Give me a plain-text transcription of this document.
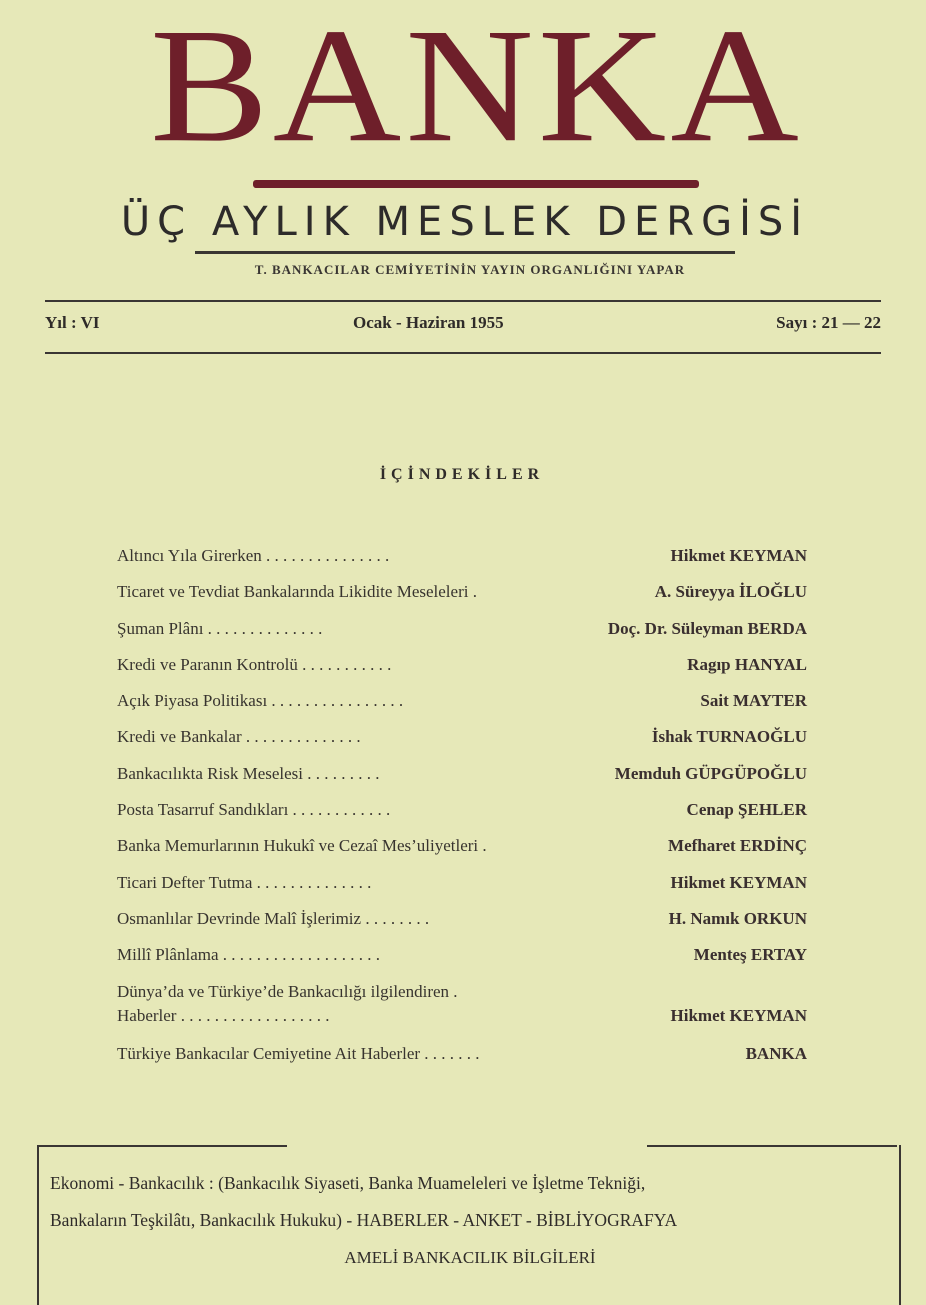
BANKA
ÜÇ AYLIK MESLEK DERGİSİ
T. BANKACILAR CEMİYETİNİN YAYIN ORGANLIĞINI YAPAR
Yıl : VI	Ocak - Haziran 1955	Sayı : 21 — 22
İÇİNDEKİLER
Altıncı Yıla Girerken . . . . . . . . . . . . . . .	Hikmet KEYMAN
Ticaret ve Tevdiat Bankalarında Likidite Meseleleri .	A. Süreyya İLOĞLU
Şuman Plânı . . . . . . . . . . . . . .	Doç. Dr. Süleyman BERDA
Kredi ve Paranın Kontrolü . . . . . . . . . . .	Ragıp HANYAL
Açık Piyasa Politikası . . . . . . . . . . . . . . . .	Sait MAYTER
Kredi ve Bankalar . . . . . . . . . . . . . .	İshak TURNAOĞLU
Bankacılıkta Risk Meselesi . . . . . . . . .	Memduh GÜPGÜPOĞLU
Posta Tasarruf Sandıkları . . . . . . . . . . . .	Cenap ŞEHLER
Banka Memurlarının Hukukî ve Cezaî Mes’uliyetleri .	Mefharet ERDİNÇ
Ticari Defter Tutma . . . . . . . . . . . . . .	Hikmet KEYMAN
Osmanlılar Devrinde Malî İşlerimiz . . . . . . . .	H. Namık ORKUN
Millî Plânlama . . . . . . . . . . . . . . . . . . .	Menteş ERTAY
Dünya’da ve Türkiye’de Bankacılığı ilgilendiren .
Haberler . . . . . . . . . . . . . . . . . .	Hikmet KEYMAN
Türkiye Bankacılar Cemiyetine Ait Haberler . . . . . . .	BANKA
Ekonomi - Bankacılık : (Bankacılık Siyaseti, Banka Muameleleri ve İşletme Tekniği,
Bankaların Teşkilâtı, Bankacılık Hukuku) - HABERLER - ANKET - BİBLİYOGRAFYA
AMELİ BANKACILIK BİLGİLERİ
